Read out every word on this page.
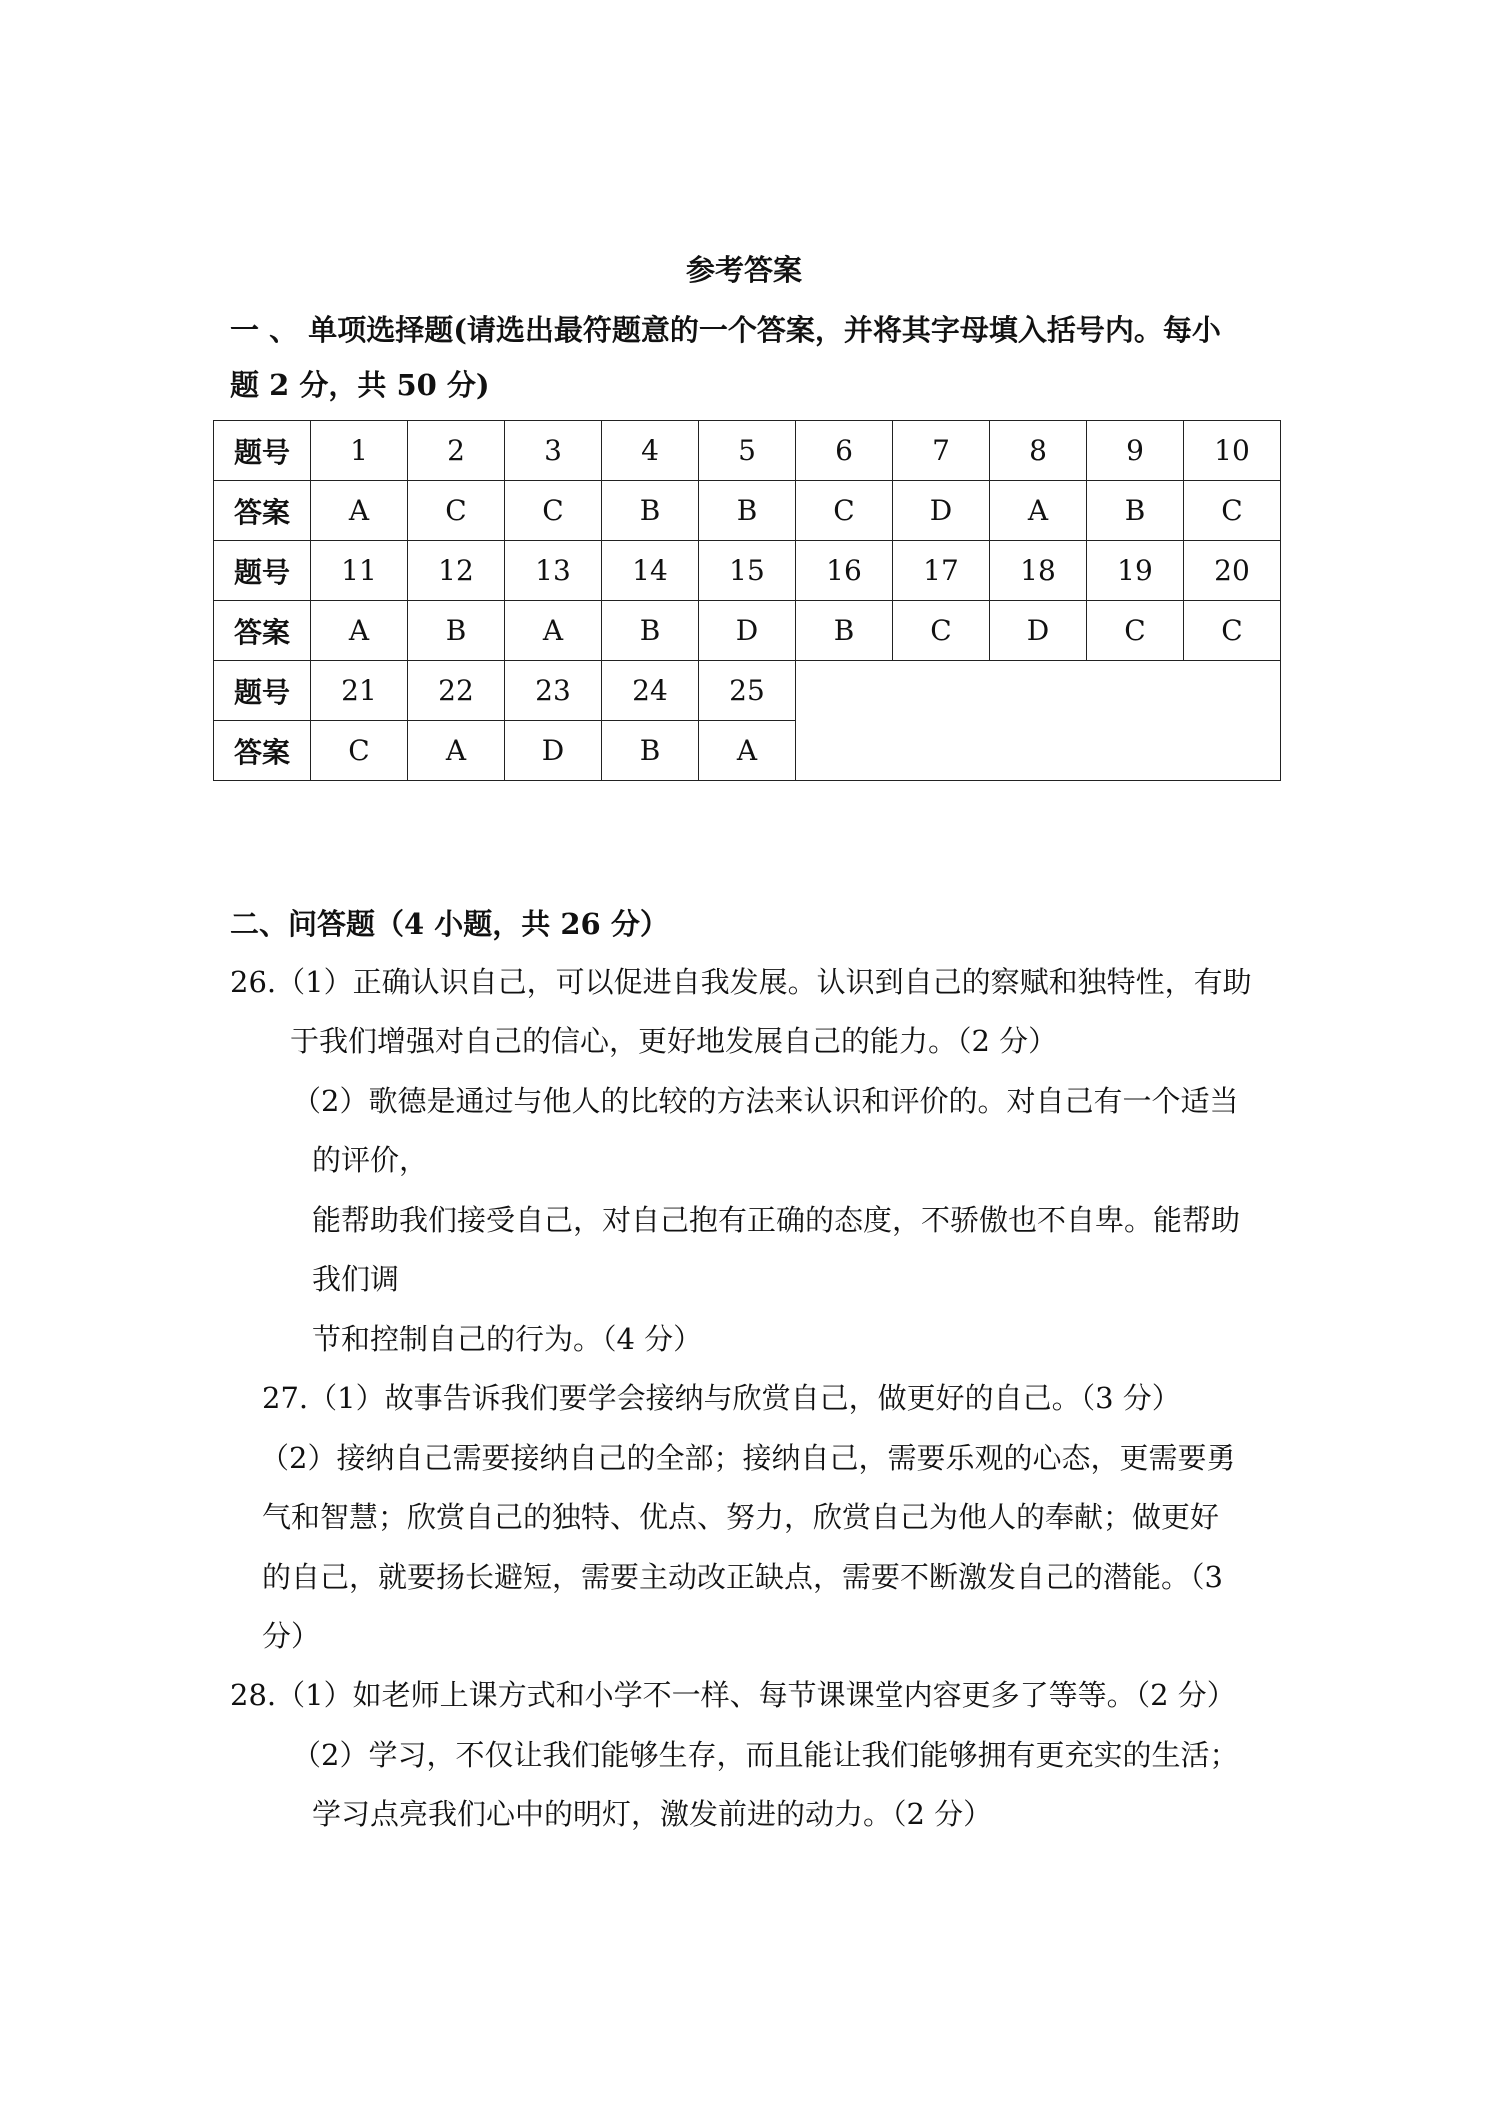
参考答案
一 、 单项选择题(请选出最符题意的一个答案，并将其字母填入括号内。每小
题 2 分，共 50 分)
题号	1	2	3	4	5	6	7	8	9	10
答案	A	C	C	B	B	C	D	A	B	C
题号	11	12	13	14	15	16	17	18	19	20
答案	A	B	A	B	D	B	C	D	C	C
题号	21	22	23	24	25					
答案	C	A	D	B	A					
二、问答题（4 小题，共 26 分）
26.（1）正确认识自己，可以促进自我发展。认识到自己的察赋和独特性，有助
于我们增强对自己的信心，更好地发展自己的能力。（2 分）
（2）歌德是通过与他人的比较的方法来认识和评价的。对自己有一个适当
的评价，
能帮助我们接受自己，对自己抱有正确的态度，不骄傲也不自卑。能帮助
我们调
节和控制自己的行为。（4 分）
27.（1）故事告诉我们要学会接纳与欣赏自己，做更好的自己。（3 分）
（2）接纳自己需要接纳自己的全部；接纳自己，需要乐观的心态，更需要勇
气和智慧；欣赏自己的独特、优点、努力，欣赏自己为他人的奉献；做更好
的自己，就要扬长避短，需要主动改正缺点，需要不断激发自己的潜能。（3
分）
28.（1）如老师上课方式和小学不一样、每节课课堂内容更多了等等。（2 分）
（2）学习，不仅让我们能够生存，而且能让我们能够拥有更充实的生活；
学习点亮我们心中的明灯，激发前进的动力。（2 分）
